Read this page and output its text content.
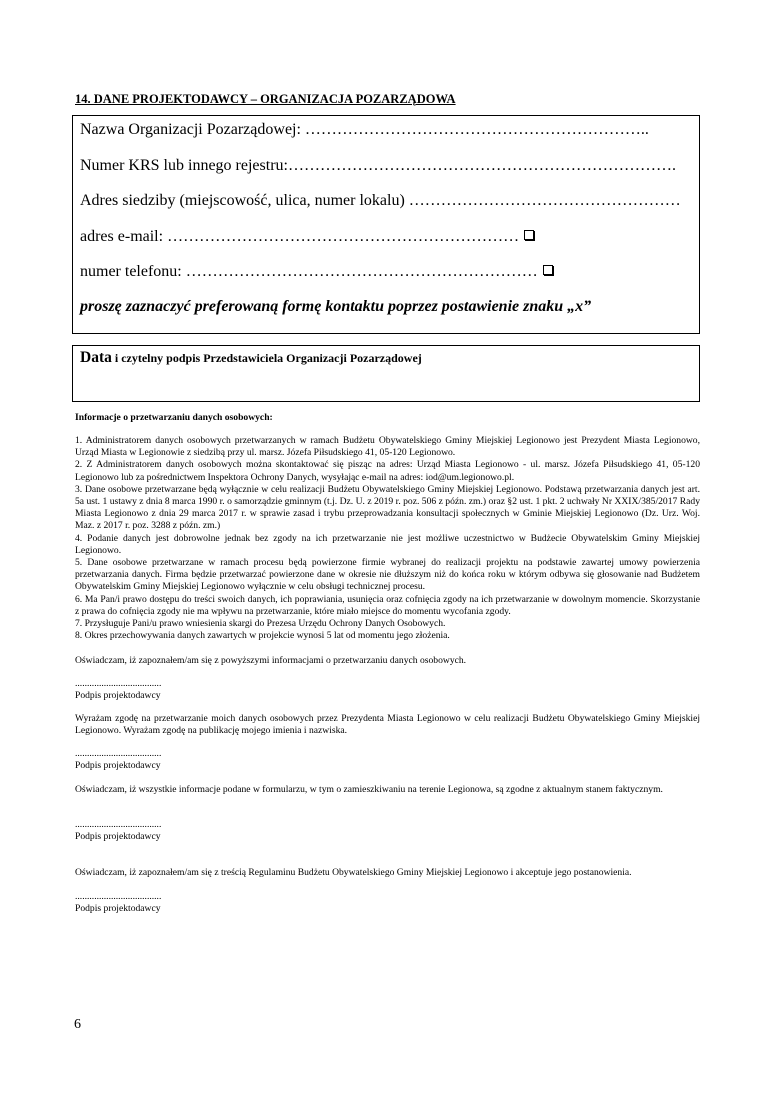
14. DANE PROJEKTODAWCY – ORGANIZACJA POZARZĄDOWA
Nazwa Organizacji Pozarządowej: ………………………………………………………..
Numer KRS lub innego rejestru:……………………………………………………………….
Adres siedziby (miejscowość, ulica, numer lokalu) ……………………………………………
adres e-mail: …………………………………………………………
numer telefonu: …………………………………………………………
proszę zaznaczyć preferowaną formę kontaktu poprzez postawienie znaku „x”
Data i czytelny podpis Przedstawiciela Organizacji Pozarządowej
Informacje o przetwarzaniu danych osobowych:

1. Administratorem danych osobowych przetwarzanych w ramach Budżetu Obywatelskiego Gminy Miejskiej Legionowo jest Prezydent Miasta Legionowo, Urząd Miasta w Legionowie z siedzibą przy ul. marsz. Józefa Piłsudskiego 41, 05-120 Legionowo.

2. Z Administratorem danych osobowych można skontaktować się pisząc na adres: Urząd Miasta Legionowo - ul. marsz. Józefa Piłsudskiego 41, 05-120 Legionowo lub za pośrednictwem Inspektora Ochrony Danych, wysyłając e-mail na adres: iod@um.legionowo.pl.

3. Dane osobowe przetwarzane będą wyłącznie w celu realizacji Budżetu Obywatelskiego Gminy Miejskiej Legionowo. Podstawą przetwarzania danych jest art. 5a ust. 1 ustawy z dnia 8 marca 1990 r. o samorządzie gminnym (t.j. Dz. U. z 2019 r. poz. 506 z późn. zm.) oraz §2 ust. 1 pkt. 2 uchwały Nr XXIX/385/2017 Rady Miasta Legionowo z dnia 29 marca 2017 r. w sprawie zasad i trybu przeprowadzania konsultacji społecznych w Gminie Miejskiej Legionowo (Dz. Urz. Woj. Maz. z 2017 r. poz. 3288 z późn. zm.)

4. Podanie danych jest dobrowolne jednak bez zgody na ich przetwarzanie nie jest możliwe uczestnictwo w Budżecie Obywatelskim Gminy Miejskiej Legionowo.

5. Dane osobowe przetwarzane w ramach procesu będą powierzone firmie wybranej do realizacji projektu na podstawie zawartej umowy powierzenia przetwarzania danych. Firma będzie przetwarzać powierzone dane w okresie nie dłuższym niż do końca roku w którym odbywa się głosowanie nad Budżetem Obywatelskim Gminy Miejskiej Legionowo wyłącznie w celu obsługi technicznej procesu.

6. Ma Pan/i prawo dostępu do treści swoich danych, ich poprawiania, usunięcia oraz cofnięcia zgody na ich przetwarzanie w dowolnym momencie. Skorzystanie z prawa do cofnięcia zgody nie ma wpływu na przetwarzanie, które miało miejsce do momentu wycofania zgody.

7. Przysługuje Pani/u prawo wniesienia skargi do Prezesa Urzędu Ochrony Danych Osobowych.

8. Okres przechowywania danych zawartych w projekcie wynosi 5 lat od momentu jego złożenia.

Oświadczam, iż zapoznałem/am się z powyższymi informacjami o przetwarzaniu danych osobowych.
....................................
Podpis projektodawcy
Wyrażam zgodę na przetwarzanie moich danych osobowych przez Prezydenta Miasta Legionowo w celu realizacji Budżetu Obywatelskiego Gminy Miejskiej Legionowo. Wyrażam zgodę na publikację mojego imienia i nazwiska.
....................................
Podpis projektodawcy
Oświadczam, iż wszystkie informacje podane w formularzu, w tym o zamieszkiwaniu na terenie Legionowa, są zgodne z aktualnym stanem faktycznym.
....................................
Podpis projektodawcy
Oświadczam, iż zapoznałem/am się z treścią Regulaminu Budżetu Obywatelskiego Gminy Miejskiej Legionowo i akceptuje jego postanowienia.
....................................
Podpis projektodawcy
6
